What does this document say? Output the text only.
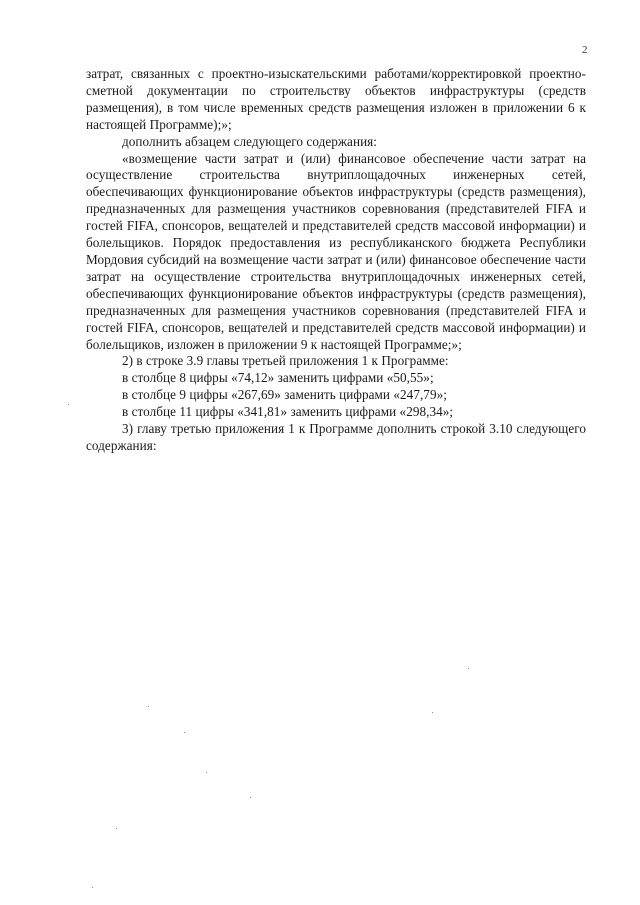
2

затрат, связанных с проектно-изыскательскими работами/корректировкой проектно-сметной документации по строительству объектов инфраструктуры (средств размещения), в том числе временных средств размещения изложен в приложении 6 к настоящей Программе);»;

дополнить абзацем следующего содержания:

«возмещение части затрат и (или) финансовое обеспечение части затрат на осуществление строительства внутриплощадочных инженерных сетей, обеспечивающих функционирование объектов инфраструктуры (средств размещения), предназначенных для размещения участников соревнования (представителей FIFA и гостей FIFA, спонсоров, вещателей и представителей средств массовой информации) и болельщиков. Порядок предоставления из республиканского бюджета Республики Мордовия субсидий на возмещение части затрат и (или) финансовое обеспечение части затрат на осуществление строительства внутриплощадочных инженерных сетей, обеспечивающих функционирование объектов инфраструктуры (средств размещения), предназначенных для размещения участников соревнования (представителей FIFA и гостей FIFA, спонсоров, вещателей и представителей средств массовой информации) и болельщиков, изложен в приложении 9 к настоящей Программе;»;

2) в строке 3.9 главы третьей приложения 1 к Программе:

в столбце 8 цифры «74,12» заменить цифрами «50,55»;

в столбце 9 цифры «267,69» заменить цифрами «247,79»;

в столбце 11 цифры «341,81» заменить цифрами «298,34»;

3) главу третью приложения 1 к Программе дополнить строкой 3.10 следующего содержания:
